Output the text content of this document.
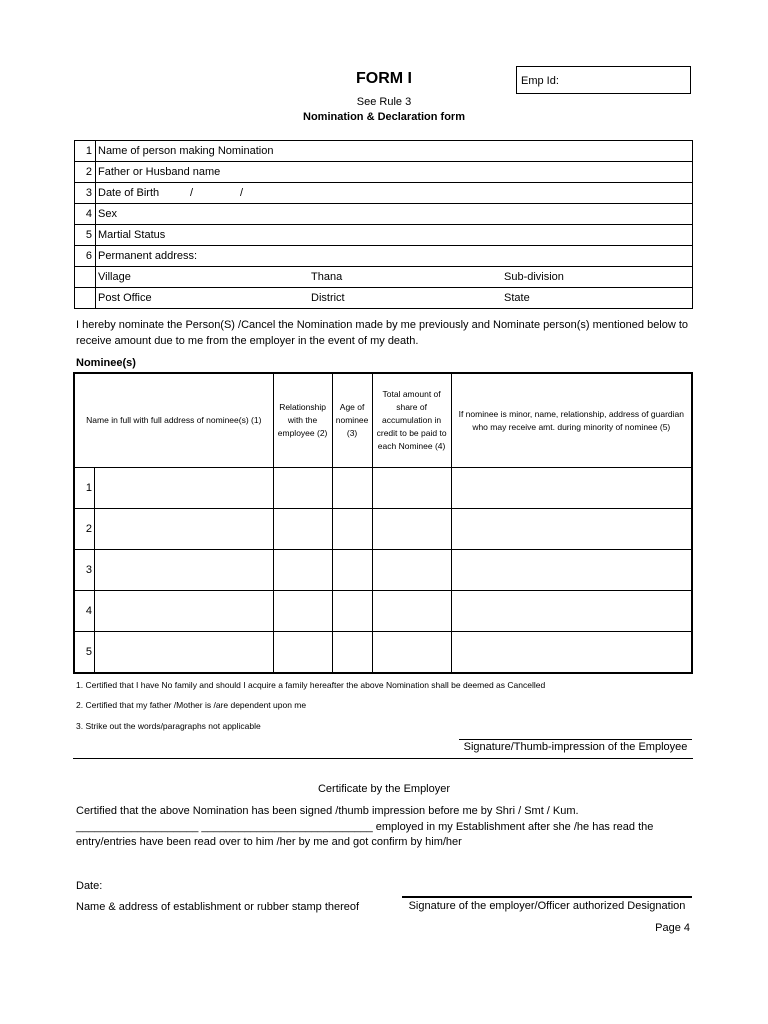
FORM I
See Rule 3
Nomination & Declaration form
Emp Id:
1	Name of person making Nomination
2	Father or Husband name
3	Date of Birth / /
4	Sex
5	Martial Status
6	Permanent address:
	Village Thana Sub-division
	Post Office District State
I hereby nominate the Person(S) /Cancel the Nomination made by me previously and Nominate person(s) mentioned below to receive amount due to me from the employer in the event of my death.
Nominee(s)
Name in full with full address of nominee(s) (1)		Relationship with the employee (2)	Age of nominee (3)	Total amount of share of accumulation in credit to be paid to each Nominee (4)	If nominee is minor, name, relationship, address of guardian who may receive amt. during minority of nominee (5)
1					
2					
3					
4					
5					
1. Certified that I have No family and should I acquire a family hereafter the above Nomination shall be deemed as Cancelled
2. Certified that my father /Mother is /are dependent upon me
3. Strike out the words/paragraphs not applicable
Signature/Thumb-impression of the Employee
Certificate by the Employer
Certified that the above Nomination has been signed /thumb impression before me by Shri / Smt / Kum. ____________________ ____________________________ employed in my Establishment after she /he has read the entry/entries have been read over to him /her by me and got confirm by him/her
Date:
Name & address of establishment or rubber stamp thereof	Signature of the employer/Officer authorized Designation
Page 4
